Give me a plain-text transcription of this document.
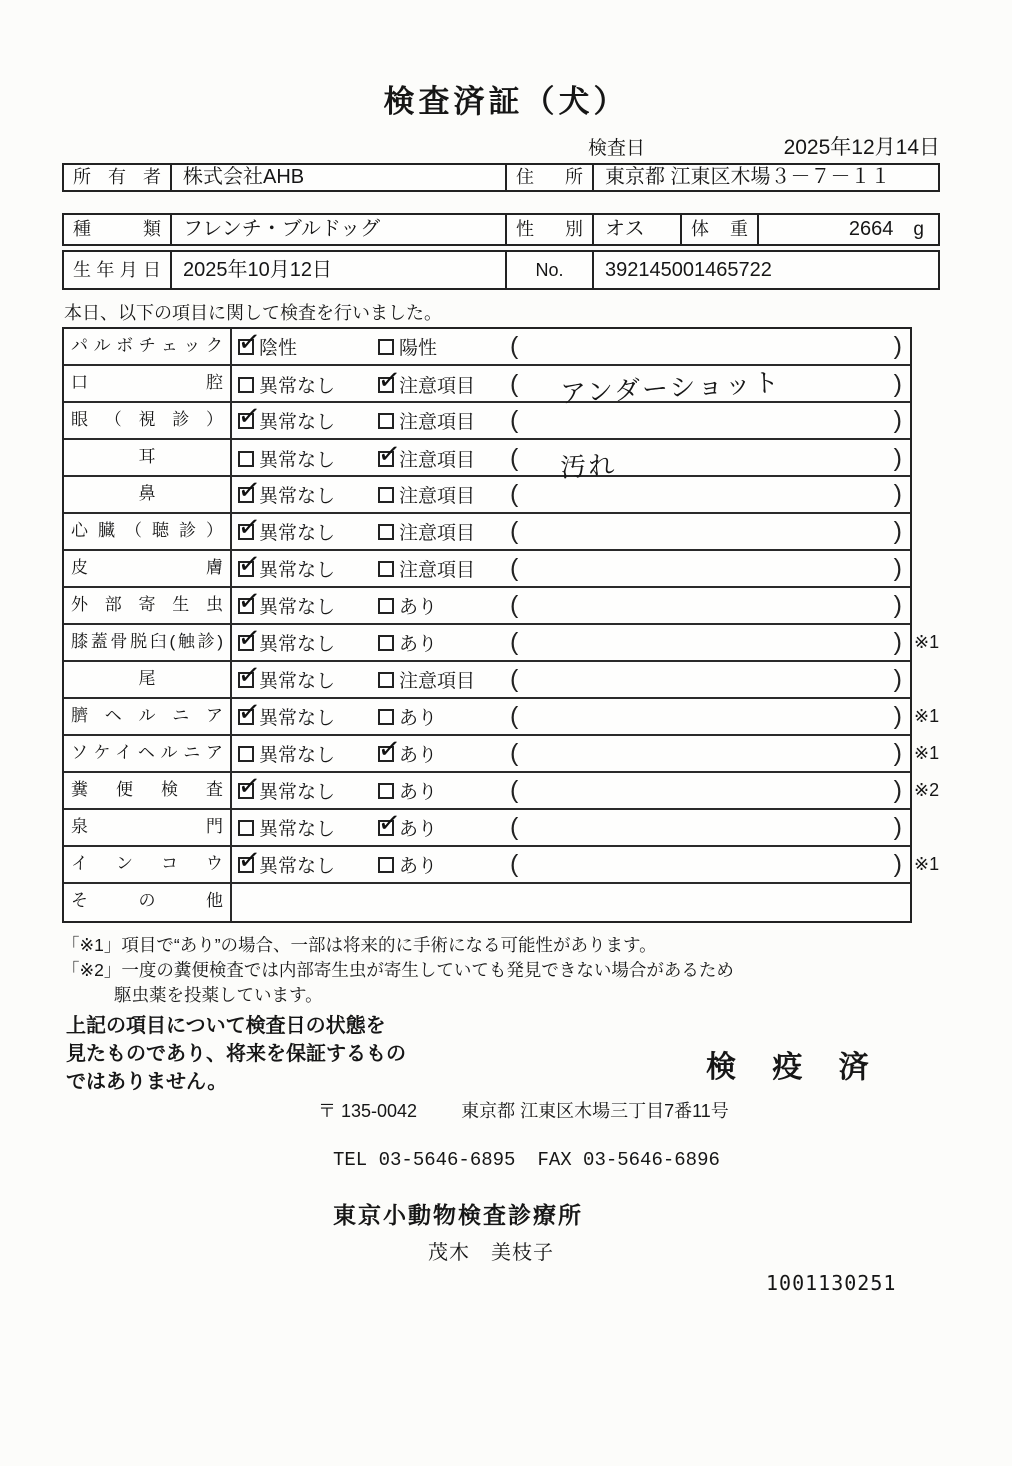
検査済証（犬）
検査日	2025年12月14日
所有者	株式会社AHB	住所	東京都 江東区木場３－７－１１
種類	フレンチ・ブルドッグ	性別	オス	体重	2664 g
生年月日	2025年10月12日	No.	392145001465722
本日、以下の項目に関して検査を行いました。
パルボチェック ✓	陰性	陽性	(	)
口腔	異常なし ✓	注意項目 (	アンダーショット	)
眼（視診） ✓	異常なし	注意項目 (	)
耳	異常なし ✓	注意項目 (	汚れ	)
鼻 ✓	異常なし	注意項目 (	)
心臓（聴診） ✓	異常なし	注意項目 (	)
皮膚 ✓	異常なし	注意項目 (	)
外部寄生虫 ✓	異常なし	あり	(	)
膝蓋骨脱臼(触診) ✓	異常なし	あり	(	) ※1
尾 ✓	異常なし	注意項目 (	)
臍ヘルニア ✓	異常なし	あり	(	) ※1
ソケイヘルニア	異常なし ✓	あり	(	) ※1
糞便検査 ✓	異常なし	あり	(	) ※2
泉門	異常なし ✓	あり	(	)
インコウ ✓	異常なし	あり	(	) ※1
その他
「※1」項目で“あり”の場合、一部は将来的に手術になる可能性があります。
「※2」一度の糞便検査では内部寄生虫が寄生していても発見できない場合があるため
駆虫薬を投薬しています。
上記の項目について検査日の状態を
見たものであり、将来を保証するもの
ではありません。	検 疫 済
〒 135-0042 東京都 江東区木場三丁目7番11号
TEL 03-5646-6895 FAX 03-5646-6896
東京小動物検査診療所
茂木　美枝子
1001130251
